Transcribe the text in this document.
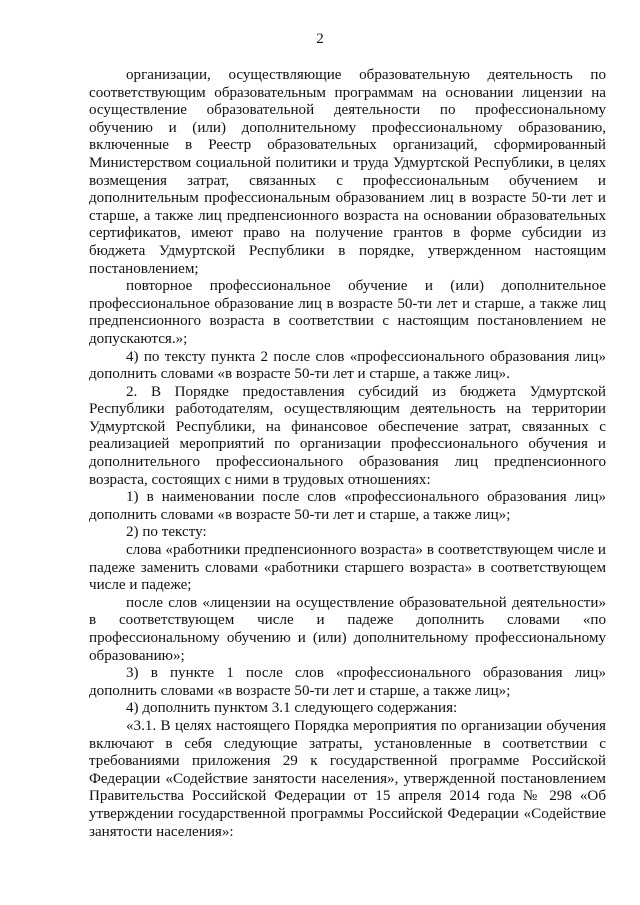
2

организации, осуществляющие образовательную деятельность по соответствующим образовательным программам на основании лицензии на осуществление образовательной деятельности по профессиональному обучению и (или) дополнительному профессиональному образованию, включенные в Реестр образовательных организаций, сформированный Министерством социальной политики и труда Удмуртской Республики, в целях возмещения затрат, связанных с профессиональным обучением и дополнительным профессиональным образованием лиц в возрасте 50-ти лет и старше, а также лиц предпенсионного возраста на основании образовательных сертификатов, имеют право на получение грантов в форме субсидии из бюджета Удмуртской Республики в порядке, утвержденном настоящим постановлением;

повторное профессиональное обучение и (или) дополнительное профессиональное образование лиц в возрасте 50-ти лет и старше, а также лиц предпенсионного возраста в соответствии с настоящим постановлением не допускаются.»;

4) по тексту пункта 2 после слов «профессионального образования лиц» дополнить словами «в возрасте 50-ти лет и старше, а также лиц».

2. В Порядке предоставления субсидий из бюджета Удмуртской Республики работодателям, осуществляющим деятельность на территории Удмуртской Республики, на финансовое обеспечение затрат, связанных с реализацией мероприятий по организации профессионального обучения и дополнительного профессионального образования лиц предпенсионного возраста, состоящих с ними в трудовых отношениях:

1) в наименовании после слов «профессионального образования лиц» дополнить словами «в возрасте 50-ти лет и старше, а также лиц»;

2) по тексту:

слова «работники предпенсионного возраста» в соответствующем числе и падеже заменить словами «работники старшего возраста» в соответствующем числе и падеже;

после слов «лицензии на осуществление образовательной деятельности» в соответствующем числе и падеже дополнить словами «по профессиональному обучению и (или) дополнительному профессиональному образованию»;

3) в пункте 1 после слов «профессионального образования лиц» дополнить словами «в возрасте 50-ти лет и старше, а также лиц»;

4) дополнить пунктом 3.1 следующего содержания:

«3.1. В целях настоящего Порядка мероприятия по организации обучения включают в себя следующие затраты, установленные в соответствии с требованиями приложения 29 к государственной программе Российской Федерации «Содействие занятости населения», утвержденной постановлением Правительства Российской Федерации от 15 апреля 2014 года № 298 «Об утверждении государственной программы Российской Федерации «Содействие занятости населения»:
